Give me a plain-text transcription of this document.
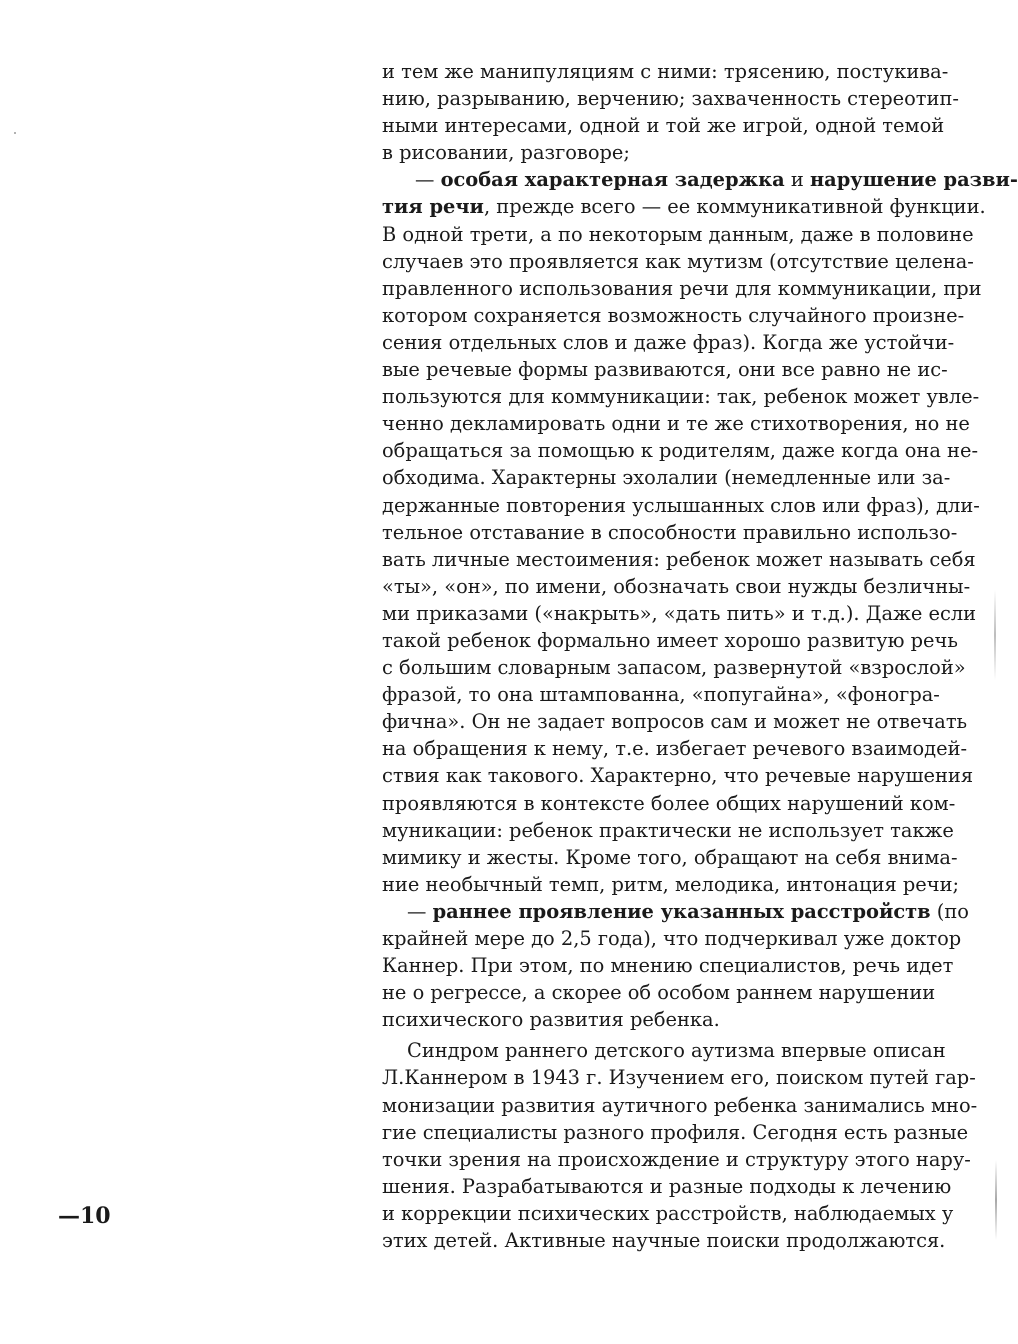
и тем же манипуляциям с ними: трясению, постукива-
нию, разрыванию, верчению; захваченность стереотип-
ными интересами, одной и той же игрой, одной темой
в рисовании, разговоре;
— особая характерная задержка и нарушение разви-
тия речи, прежде всего — ее коммуникативной функции.
В одной трети, а по некоторым данным, даже в половине
случаев это проявляется как мутизм (отсутствие целена-
правленного использования речи для коммуникации, при
котором сохраняется возможность случайного произне-
сения отдельных слов и даже фраз). Когда же устойчи-
вые речевые формы развиваются, они все равно не ис-
пользуются для коммуникации: так, ребенок может увле-
ченно декламировать одни и те же стихотворения, но не
обращаться за помощью к родителям, даже когда она не-
обходима. Характерны эхолалии (немедленные или за-
держанные повторения услышанных слов или фраз), дли-
тельное отставание в способности правильно использо-
вать личные местоимения: ребенок может называть себя
«ты», «он», по имени, обозначать свои нужды безличны-
ми приказами («накрыть», «дать пить» и т.д.). Даже если
такой ребенок формально имеет хорошо развитую речь
с большим словарным запасом, развернутой «взрослой»
фразой, то она штампованна, «попугайна», «фоногра-
фична». Он не задает вопросов сам и может не отвечать
на обращения к нему, т.е. избегает речевого взаимодей-
ствия как такового. Характерно, что речевые нарушения
проявляются в контексте более общих нарушений ком-
муникации: ребенок практически не использует также
мимику и жесты. Кроме того, обращают на себя внима-
ние необычный темп, ритм, мелодика, интонация речи;
— раннее проявление указанных расстройств (по
крайней мере до 2,5 года), что подчеркивал уже доктор
Каннер. При этом, по мнению специалистов, речь идет
не о регрессе, а скорее об особом раннем нарушении
психического развития ребенка.
Синдром раннего детского аутизма впервые описан
Л.Каннером в 1943 г. Изучением его, поиском путей гар-
монизации развития аутичного ребенка занимались мно-
гие специалисты разного профиля. Сегодня есть разные
точки зрения на происхождение и структуру этого нару-
шения. Разрабатываются и разные подходы к лечению
и коррекции психических расстройств, наблюдаемых у
этих детей. Активные научные поиски продолжаются.
—10
